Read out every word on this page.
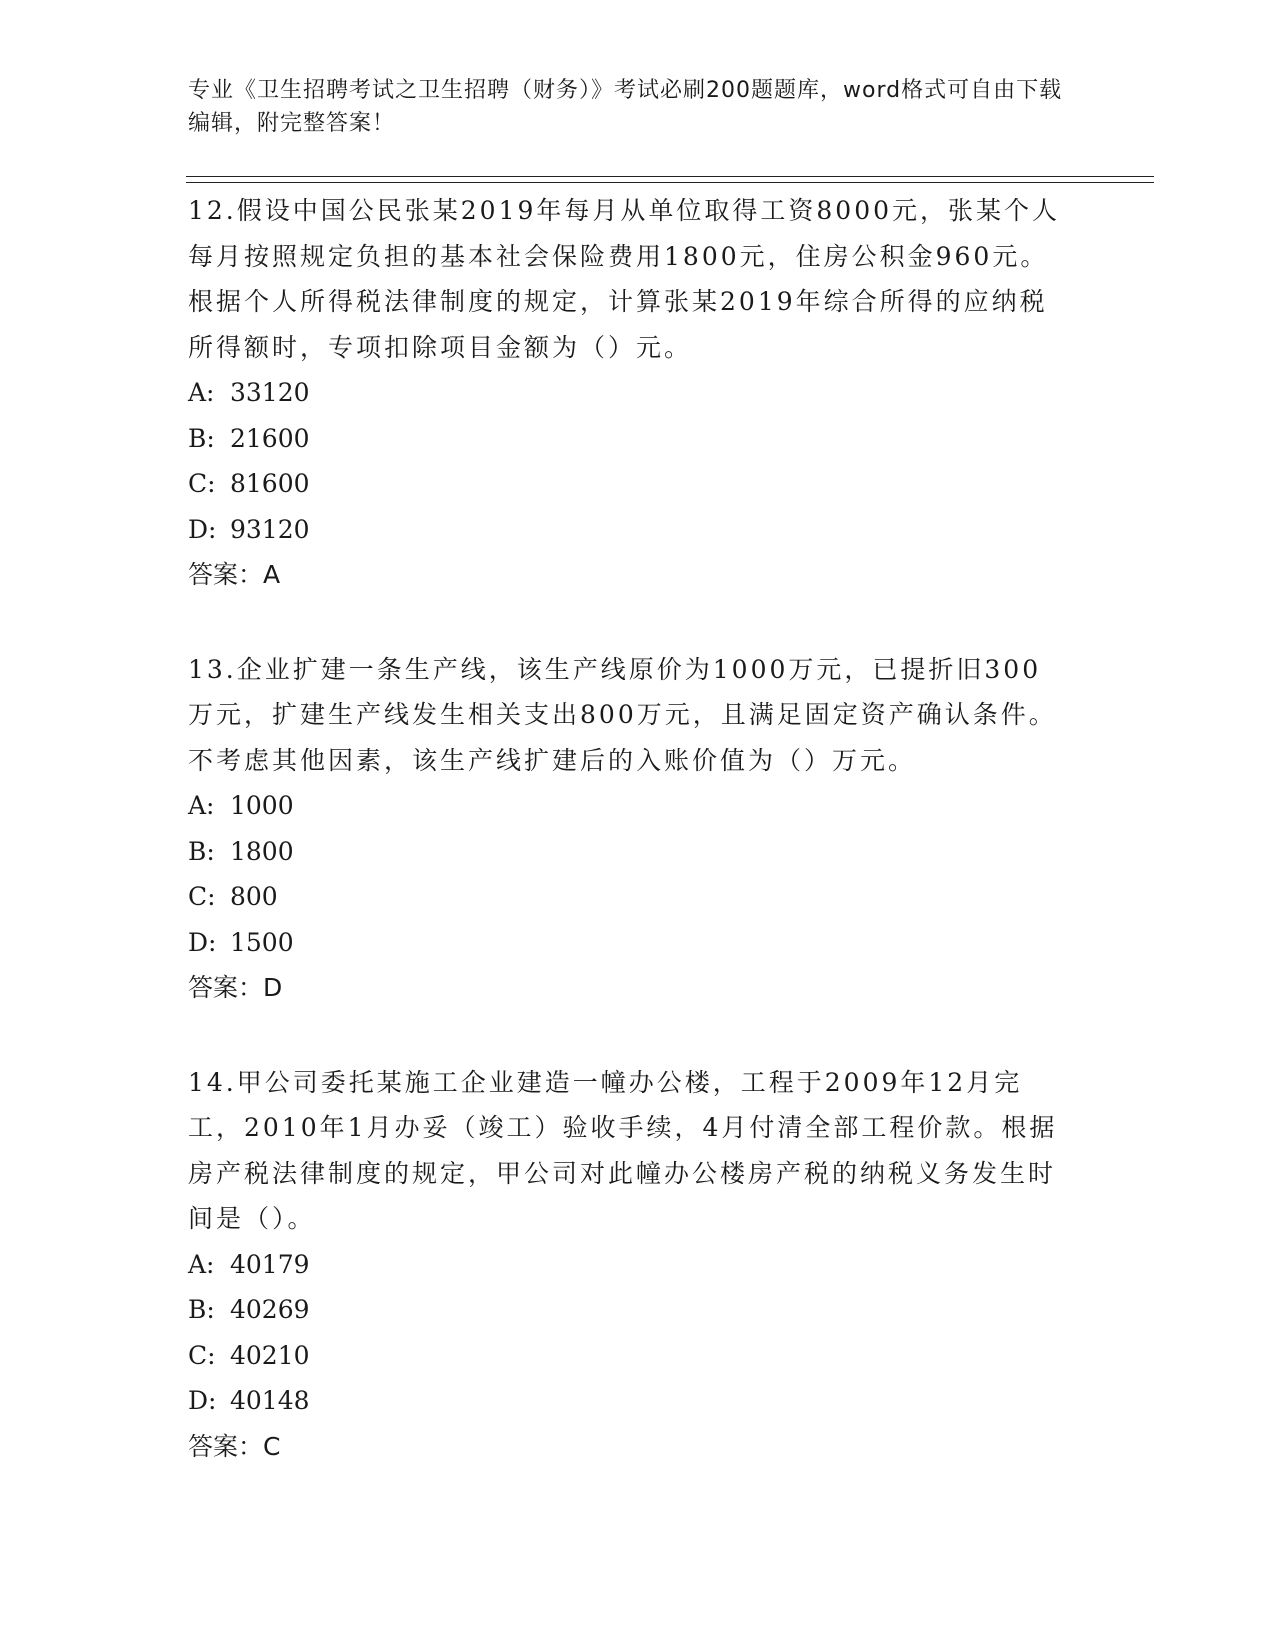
专业《卫生招聘考试之卫生招聘（财务）》考试必刷200题题库，word格式可自由下载编辑，附完整答案！

12.假设中国公民张某2019年每月从单位取得工资8000元，张某个人每月按照规定负担的基本社会保险费用1800元，住房公积金960元。根据个人所得税法律制度的规定，计算张某2019年综合所得的应纳税所得额时，专项扣除项目金额为（）元。

A: 33120

B: 21600

C: 81600

D: 93120

答案：A

13.企业扩建一条生产线，该生产线原价为1000万元，已提折旧300万元，扩建生产线发生相关支出800万元，且满足固定资产确认条件。不考虑其他因素，该生产线扩建后的入账价值为（）万元。

A: 1000

B: 1800

C: 800

D: 1500

答案：D

14.甲公司委托某施工企业建造一幢办公楼，工程于2009年12月完工，2010年1月办妥（竣工）验收手续，4月付清全部工程价款。根据房产税法律制度的规定，甲公司对此幢办公楼房产税的纳税义务发生时间是（）。

A: 40179

B: 40269

C: 40210

D: 40148

答案：C
